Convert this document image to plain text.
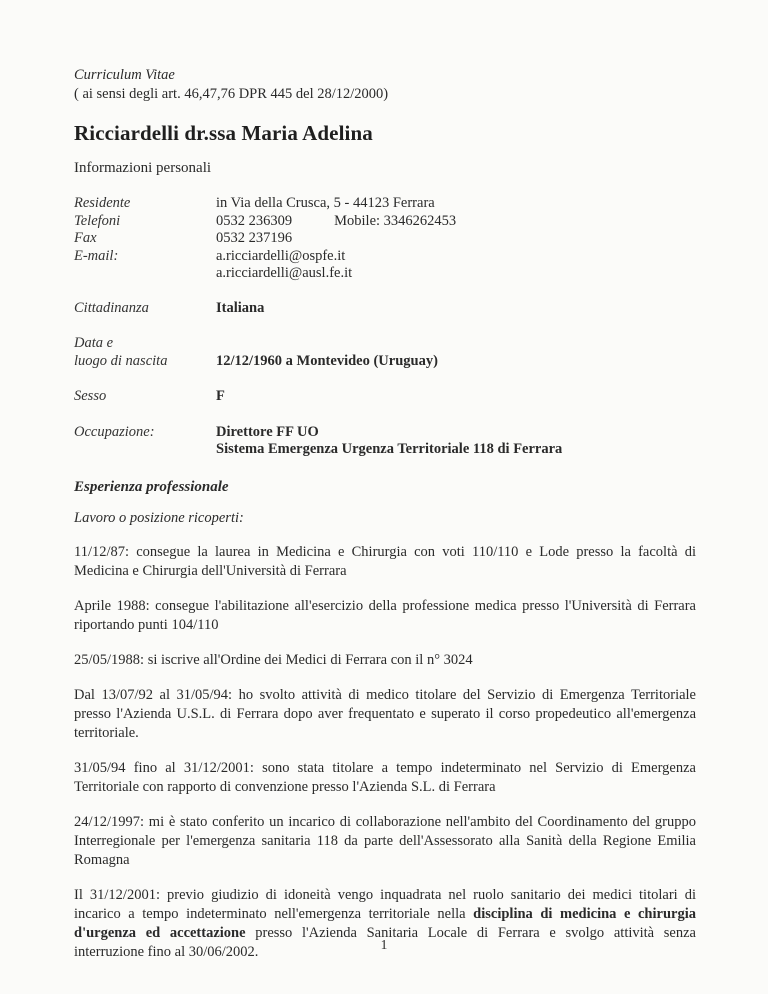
Curriculum Vitae
( ai sensi degli art. 46,47,76 DPR 445 del 28/12/2000)
Ricciardelli dr.ssa Maria Adelina
Informazioni personali
Residente	in Via della Crusca, 5 - 44123 Ferrara
Telefoni	0532 236309	Mobile: 3346262453
Fax	0532 237196
E-mail:	a.ricciardelli@ospfe.it
a.ricciardelli@ausl.fe.it
Cittadinanza	Italiana
Data e
luogo di nascita	12/12/1960 a Montevideo (Uruguay)
Sesso	F
Occupazione:	Direttore FF UO
Sistema Emergenza Urgenza Territoriale 118 di Ferrara
Esperienza professionale
Lavoro o posizione ricoperti:
11/12/87: consegue la laurea in Medicina e Chirurgia con voti 110/110 e Lode presso la facoltà di Medicina e Chirurgia dell'Università di Ferrara
Aprile 1988: consegue l'abilitazione all'esercizio della professione medica presso l'Università di Ferrara riportando punti 104/110
25/05/1988: si iscrive all'Ordine dei Medici di Ferrara con il n° 3024
Dal 13/07/92 al 31/05/94: ho svolto attività di medico titolare del Servizio di Emergenza Territoriale presso l'Azienda U.S.L. di Ferrara dopo aver frequentato e superato il corso propedeutico all'emergenza territoriale.
31/05/94 fino al 31/12/2001: sono stata titolare a tempo indeterminato nel Servizio di Emergenza Territoriale con rapporto di convenzione presso l'Azienda S.L. di Ferrara
24/12/1997: mi è stato conferito un incarico di collaborazione nell'ambito del Coordinamento del gruppo Interregionale per l'emergenza sanitaria 118 da parte dell'Assessorato alla Sanità della Regione Emilia Romagna
Il 31/12/2001: previo giudizio di idoneità vengo inquadrata nel ruolo sanitario dei medici titolari di incarico a tempo indeterminato nell'emergenza territoriale nella disciplina di medicina e chirurgia d'urgenza ed accettazione presso l'Azienda Sanitaria Locale di Ferrara e svolgo attività senza interruzione fino al 30/06/2002.	1
